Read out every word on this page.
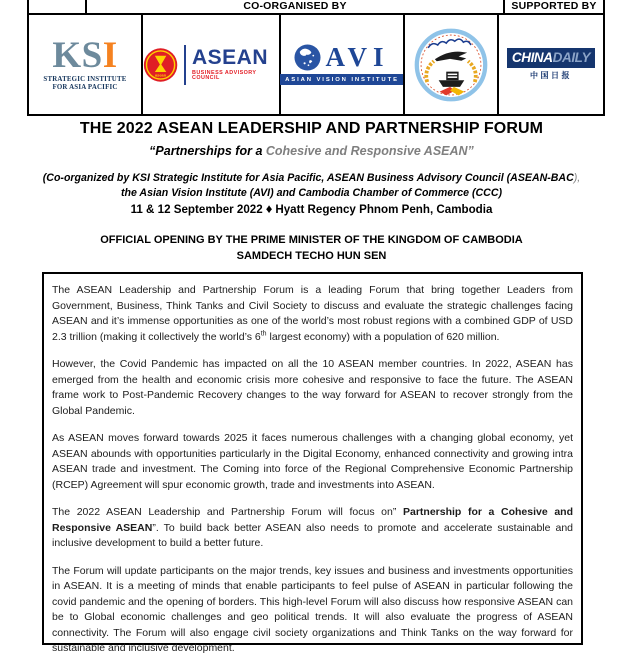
CO-ORGANISED BY	SUPPORTED BY
KSI
STRATEGIC INSTITUTE
FOR ASIA PACIFIC
asean
ASEAN
BUSINESS ADVISORY COUNCIL
AVI
ASIAN VISION INSTITUTE
CHINA DAILY
中国日报
THE 2022 ASEAN LEADERSHIP AND PARTNERSHIP FORUM
“Partnerships for a Cohesive and Responsive ASEAN”
(Co-organized by KSI Strategic Institute for Asia Pacific, ASEAN Business Advisory Council (ASEAN-BAC),
the Asian Vision Institute (AVI) and Cambodia Chamber of Commerce (CCC)
11 & 12 September 2022 ♦ Hyatt Regency Phnom Penh, Cambodia
OFFICIAL OPENING BY THE PRIME MINISTER OF THE KINGDOM OF CAMBODIA
SAMDECH TECHO HUN SEN

The ASEAN Leadership and Partnership Forum is a leading Forum that bring together Leaders from Government, Business, Think Tanks and Civil Society to discuss and evaluate the strategic challenges facing ASEAN and it’s immense opportunities as one of the world’s most robust regions with a combined GDP of USD 2.3 trillion (making it collectively the world’s 6th largest economy) with a population of 620 million.

However, the Covid Pandemic has impacted on all the 10 ASEAN member countries. In 2022, ASEAN has emerged from the health and economic crisis more cohesive and responsive to face the future. The ASEAN frame work to Post-Pandemic Recovery changes to the way forward for ASEAN to recover strongly from the Global Pandemic.

As ASEAN moves forward towards 2025 it faces numerous challenges with a changing global economy, yet ASEAN abounds with opportunities particularly in the Digital Economy, enhanced connectivity and growing intra ASEAN trade and investment. The Coming into force of the Regional Comprehensive Economic Partnership (RCEP) Agreement will spur economic growth, trade and investments into ASEAN.

The 2022 ASEAN Leadership and Partnership Forum will focus on” Partnership for a Cohesive and Responsive ASEAN”. To build back better ASEAN also needs to promote and accelerate sustainable and inclusive development to build a better future.

The Forum will update participants on the major trends, key issues and business and investments opportunities in ASEAN. It is a meeting of minds that enable participants to feel pulse of ASEAN in particular following the covid pandemic and the opening of borders. This high-level Forum will also discuss how responsive ASEAN can be to Global economic challenges and geo political trends. It will also evaluate the progress of ASEAN connectivity. The Forum will also engage civil society organizations and Think Tanks on the way forward for sustainable and inclusive development.
